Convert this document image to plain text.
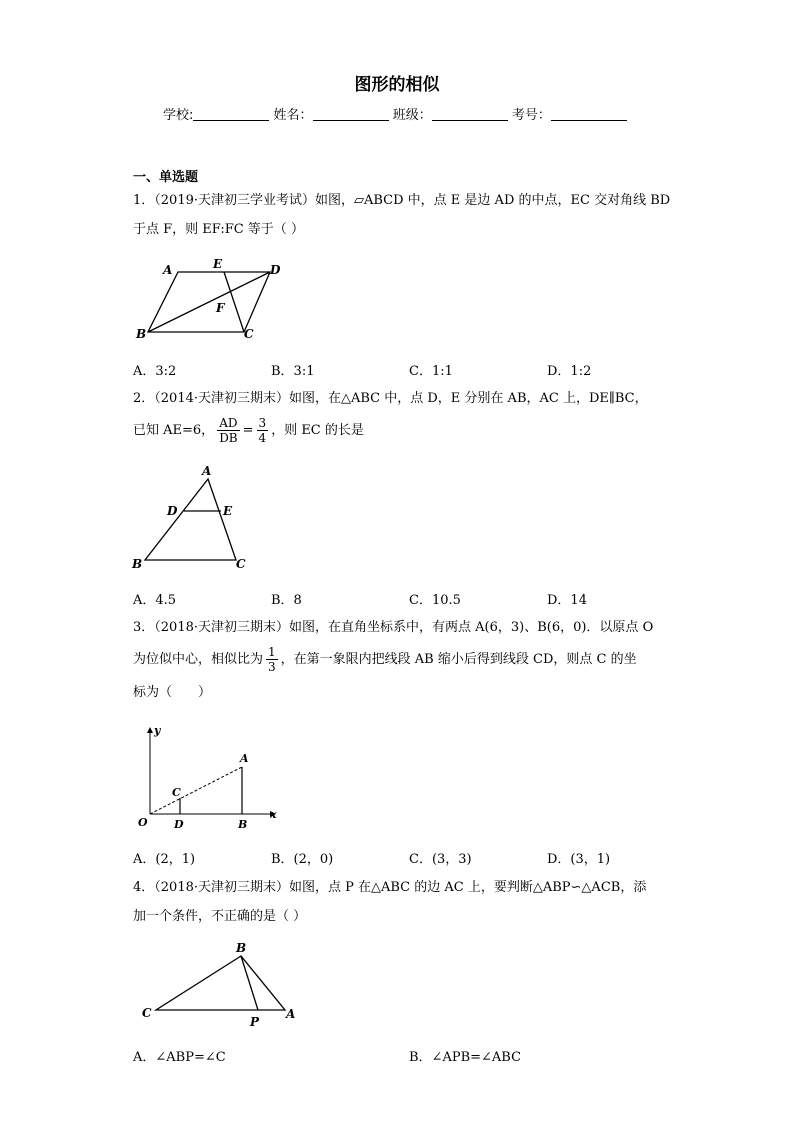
图形的相似
学校:	姓名：	班级：	考号：
一、单选题
1．（2019·天津初三学业考试）如图，▱ABCD 中，点 E 是边 AD 的中点，EC 交对角线 BD
于点 F，则 EF:FC 等于（ ）
A	E	D
F
B	C
A．3:2	B．3:1	C．1:1	D．1:2
2．（2014·天津初三期末）如图，在△ABC 中，点 D，E 分别在 AB，AC 上，DE∥BC，
已知 AE=6， $\frac{AD}{DB} = \frac{3}{4}$ ，则 EC 的长是
A
D	E
B	C
A．4.5	B．8	C．10.5	D．14
3．（2018·天津初三期末）如图，在直角坐标系中，有两点 A(6，3)、B(6，0)．以原点 O
为位似中心，相似比为 $\frac{1}{3}$ ，在第一象限内把线段 AB 缩小后得到线段 CD，则点 C 的坐
标为（　　）
y
x
O
A
B
C
D
A．(2，1)	B．(2，0)	C．(3，3)	D．(3，1)
4．（2018·天津初三期末）如图，点 P 在△ABC 的边 AC 上，要判断△ABP∽△ACB，添
加一个条件，不正确的是（ ）
B
C
P
A
A．∠ABP=∠C	B．∠APB=∠ABC
